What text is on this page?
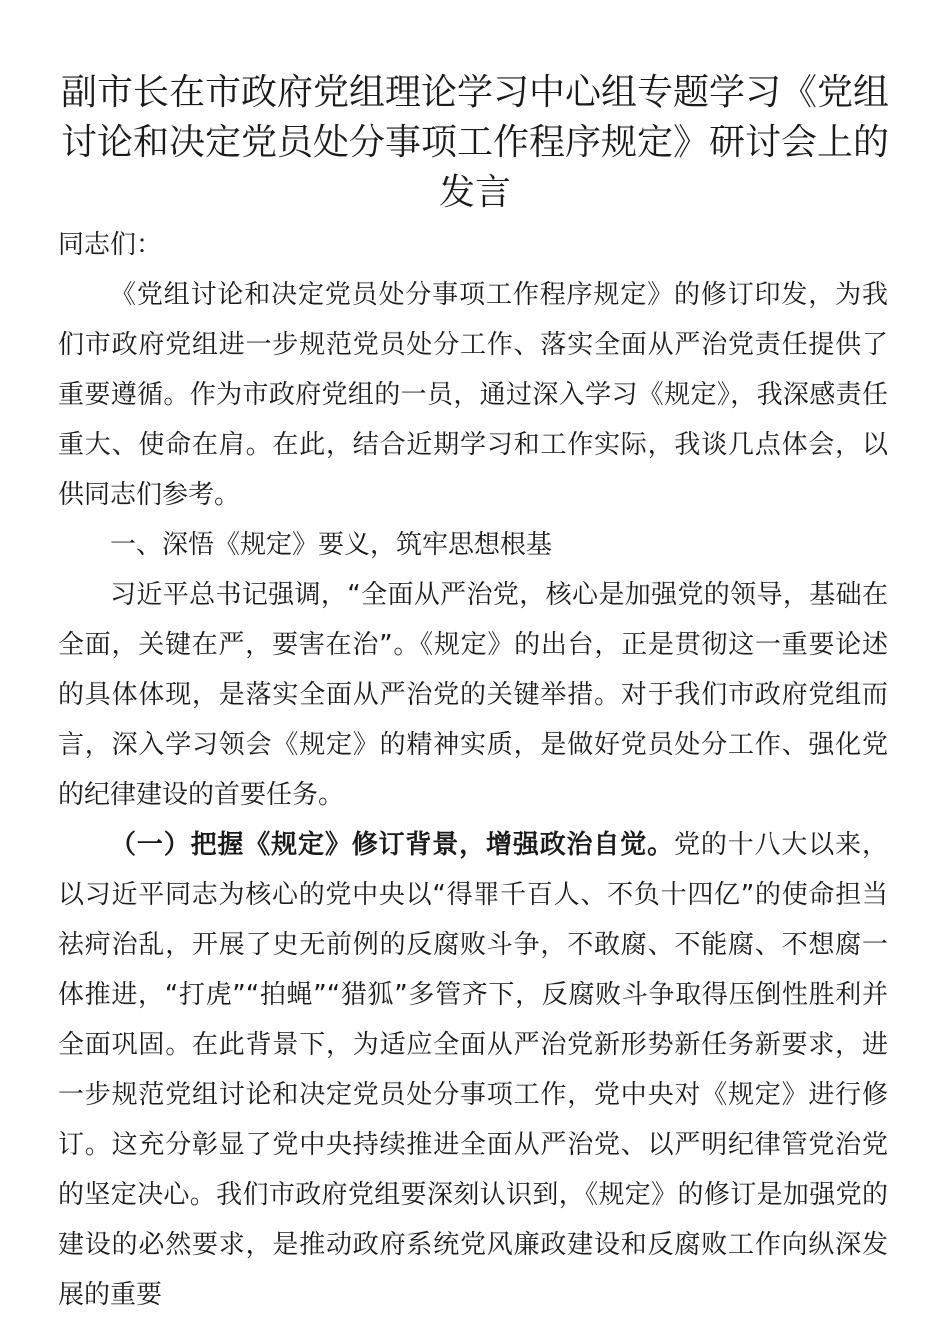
副市长在市政府党组理论学习中心组专题学习《党组讨论和决定党员处分事项工作程序规定》研讨会上的发言

同志们：

《党组讨论和决定党员处分事项工作程序规定》的修订印发，为我们市政府党组进一步规范党员处分工作、落实全面从严治党责任提供了重要遵循。作为市政府党组的一员，通过深入学习《规定》，我深感责任重大、使命在肩。在此，结合近期学习和工作实际，我谈几点体会，以供同志们参考。

一、深悟《规定》要义，筑牢思想根基

习近平总书记强调，“全面从严治党，核心是加强党的领导，基础在全面，关键在严，要害在治”。《规定》的出台，正是贯彻这一重要论述的具体体现，是落实全面从严治党的关键举措。对于我们市政府党组而言，深入学习领会《规定》的精神实质，是做好党员处分工作、强化党的纪律建设的首要任务。

（一）把握《规定》修订背景，增强政治自觉。党的十八大以来，以习近平同志为核心的党中央以“得罪千百人、不负十四亿”的使命担当祛疴治乱，开展了史无前例的反腐败斗争，不敢腐、不能腐、不想腐一体推进，“打虎”“拍蝇”“猎狐”多管齐下，反腐败斗争取得压倒性胜利并全面巩固。在此背景下，为适应全面从严治党新形势新任务新要求，进一步规范党组讨论和决定党员处分事项工作，党中央对《规定》进行修订。这充分彰显了党中央持续推进全面从严治党、以严明纪律管党治党的坚定决心。我们市政府党组要深刻认识到，《规定》的修订是加强党的建设的必然要求，是推动政府系统党风廉政建设和反腐败工作向纵深发展的重要
